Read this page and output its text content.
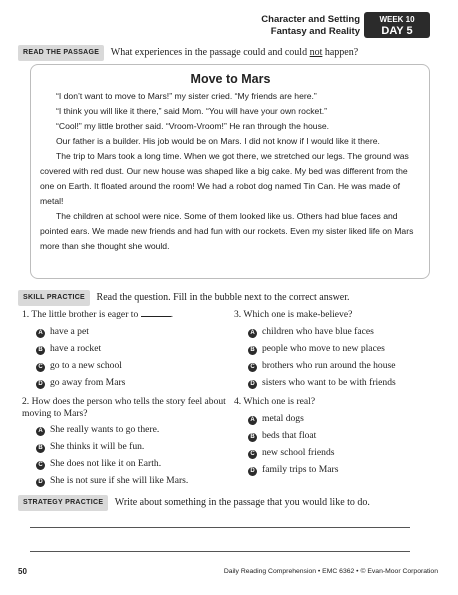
Character and Setting
Fantasy and Reality
WEEK 10
DAY 5
READ THE PASSAGE What experiences in the passage could and could not happen?
Move to Mars

“I don’t want to move to Mars!” my sister cried. “My friends are here.”

“I think you will like it there,” said Mom. “You will have your own rocket.”

“Cool!” my little brother said. “Vroom-Vroom!” He ran through the house.

Our father is a builder. His job would be on Mars. I did not know if I would like it there.

The trip to Mars took a long time. When we got there, we stretched our legs. The ground was covered with red dust. Our new house was shaped like a big cake. My bed was different from the one on Earth. It floated around the room! We had a robot dog named Tin Can. He was made of metal!

The children at school were nice. Some of them looked like us. Others had blue faces and pointed ears. We made new friends and had fun with our rockets. Even my sister liked life on Mars more than she thought she would.

SKILL PRACTICE Read the question. Fill in the bubble next to the correct answer.
1. The little brother is eager to	.
A have a pet
B have a rocket
C go to a new school
D go away from Mars
2. How does the person who tells the story feel about moving to Mars?
A She really wants to go there.
B She thinks it will be fun.
C She does not like it on Earth.
D She is not sure if she will like Mars.
3. Which one is make-believe?
A children who have blue faces
B people who move to new places
C brothers who run around the house
D sisters who want to be with friends
4. Which one is real?
A metal dogs
B beds that float
C new school friends
D family trips to Mars
STRATEGY PRACTICE Write about something in the passage that you would like to do.
50	Daily Reading Comprehension • EMC 6362 • © Evan-Moor Corporation
